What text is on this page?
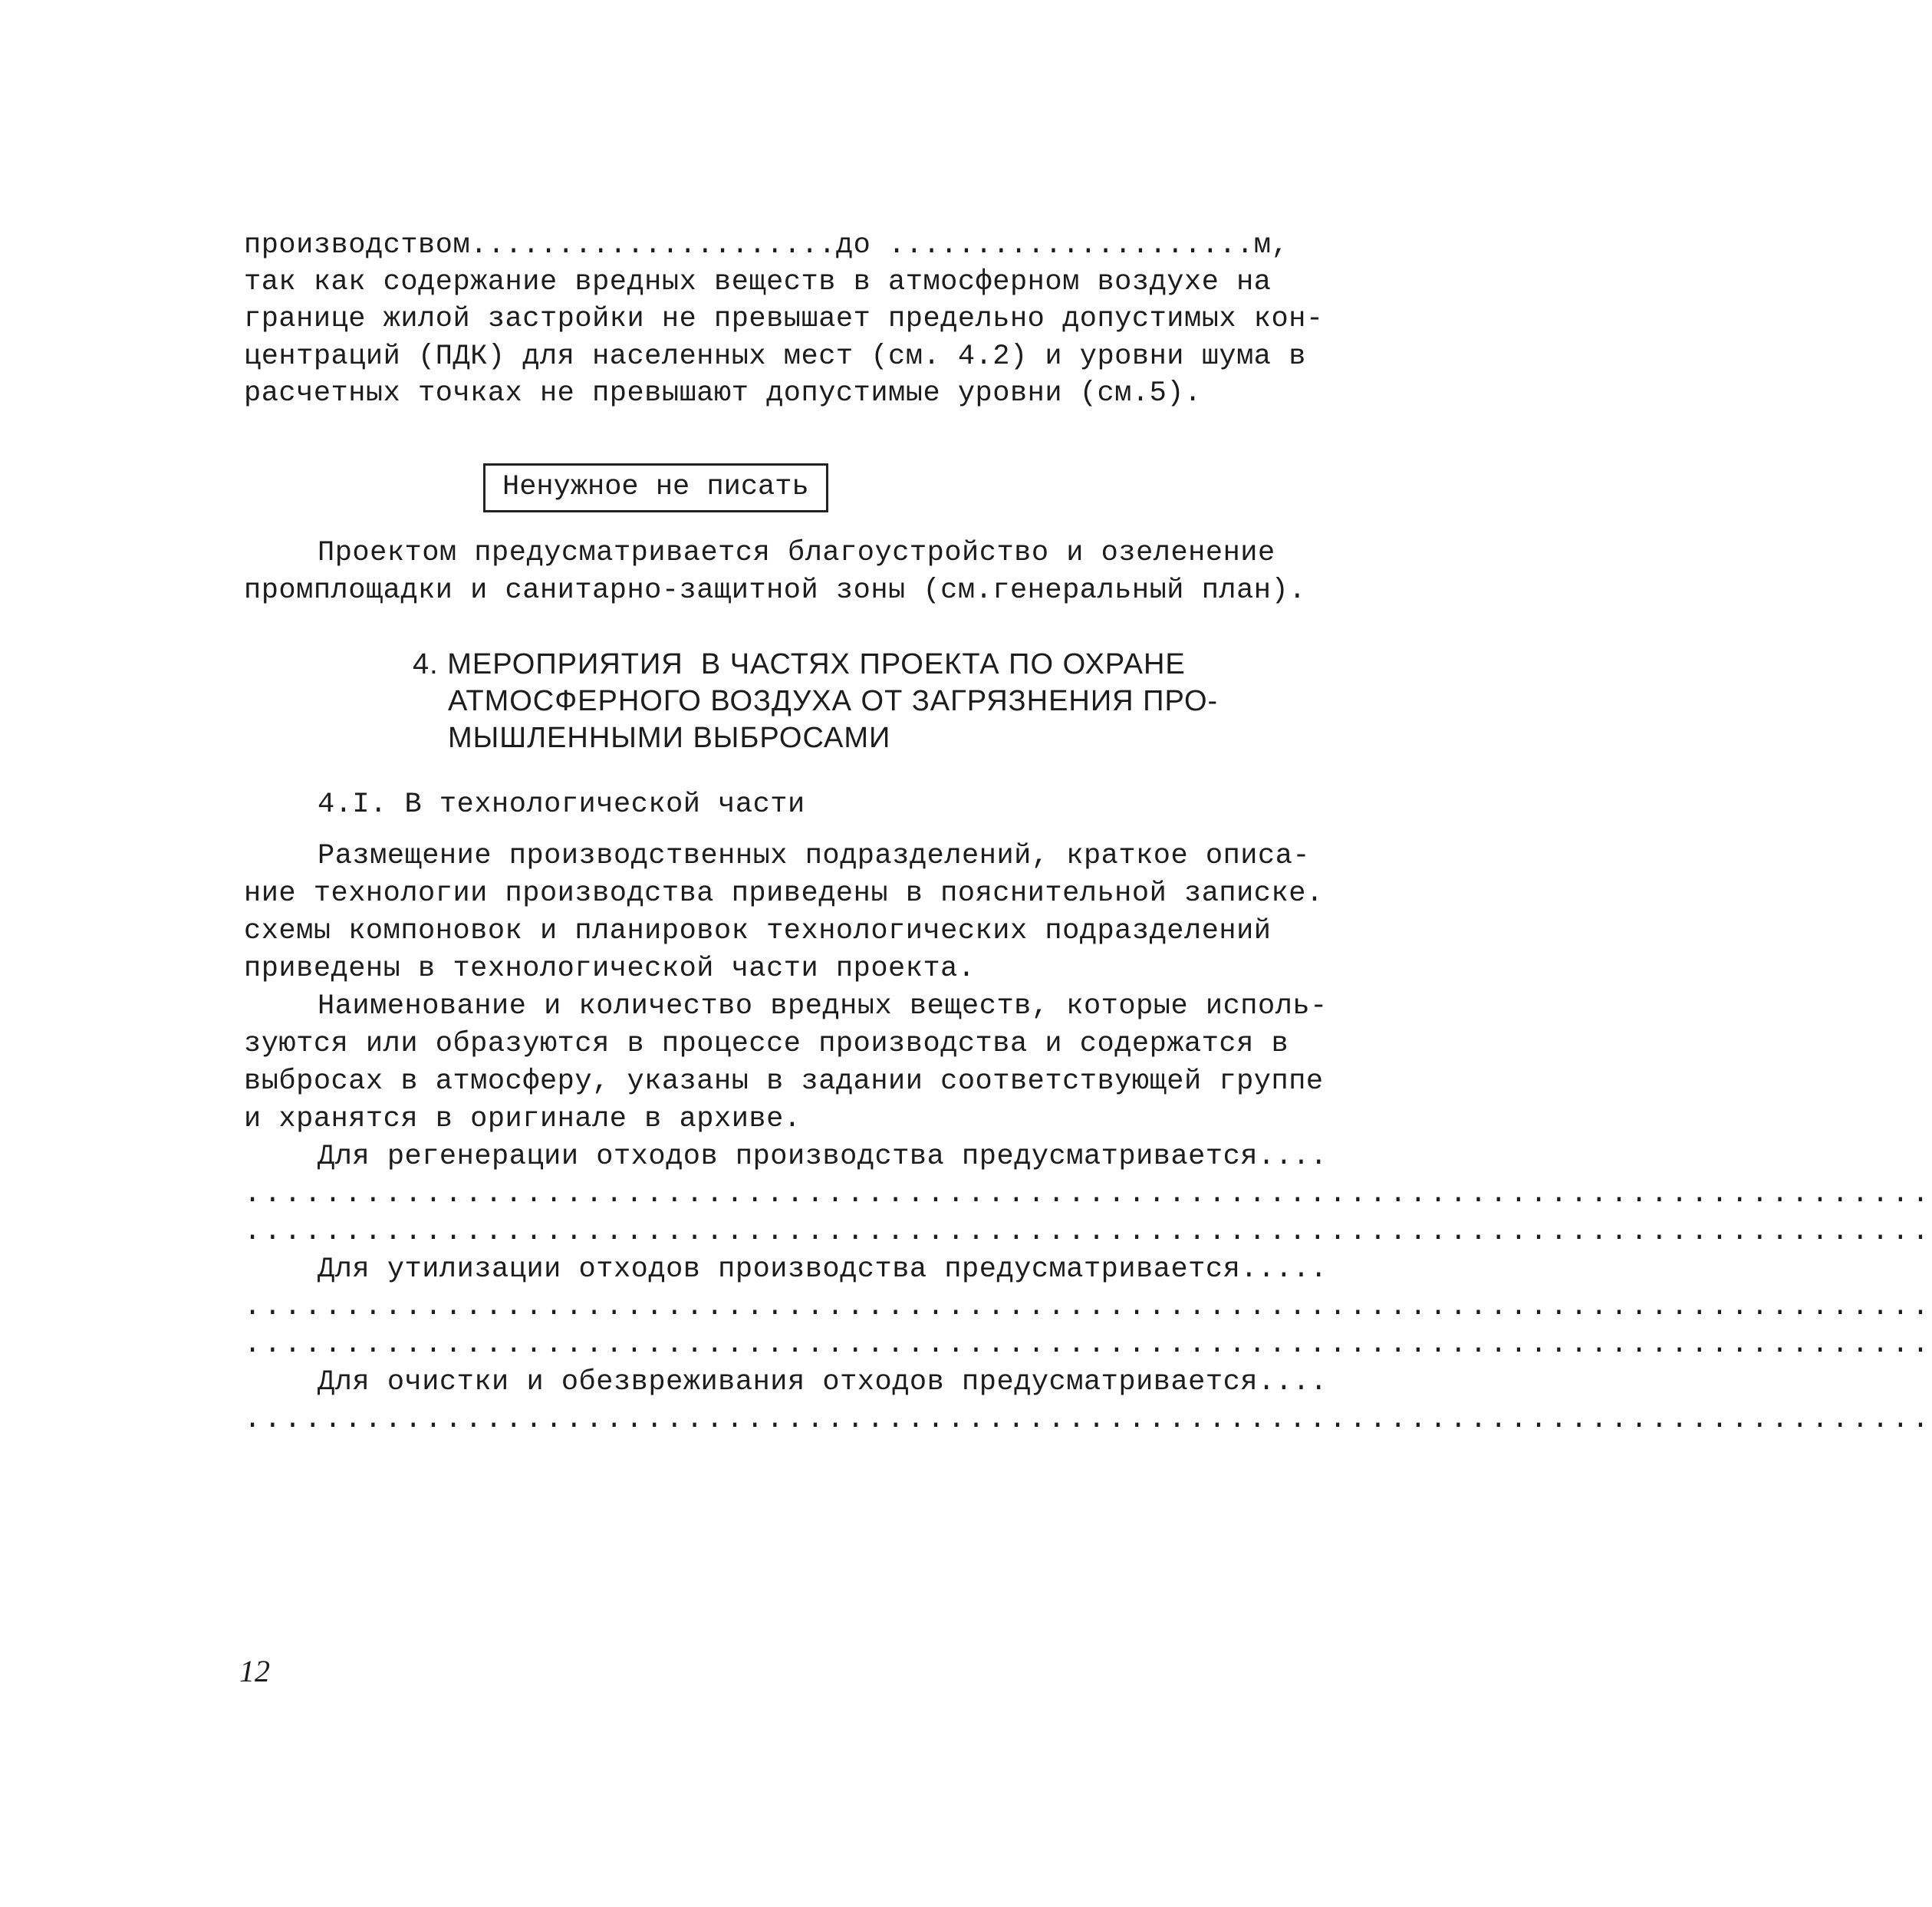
производством.....................до .....................м,
так как содержание вредных веществ в атмосферном воздухе на
границе жилой застройки не превышает предельно допустимых кон-
центраций (ПДК) для населенных мест (см. 4.2) и уровни шума в
расчетных точках не превышают допустимые уровни (см.5).
Ненужное не писать
Проектом предусматривается благоустройство и озеленение
промплощадки и санитарно-защитной зоны (см.генеральный план).
4. МЕРОПРИЯТИЯ  В ЧАСТЯХ ПРОЕКТА ПО ОХРАНЕ
АТМОСФЕРНОГО ВОЗДУХА ОТ ЗАГРЯЗНЕНИЯ ПРО-
МЫШЛЕННЫМИ ВЫБРОСАМИ
4.I. В технологической части
Размещение производственных подразделений, краткое описа-
ние технологии производства приведены в пояснительной записке.
схемы компоновок и планировок технологических подразделений
приведены в технологической части проекта.
Наименование и количество вредных веществ, которые исполь-
зуются или образуются в процессе производства и содержатся в
выбросах в атмосферу, указаны в задании соответствующей группе
и хранятся в оригинале в архиве.
Для регенерации отходов производства предусматривается....
....................................................................................
....................................................................................
Для утилизации отходов производства предусматривается.....
....................................................................................
....................................................................................
Для очистки и обезвреживания отходов предусматривается....
....................................................................................
12
